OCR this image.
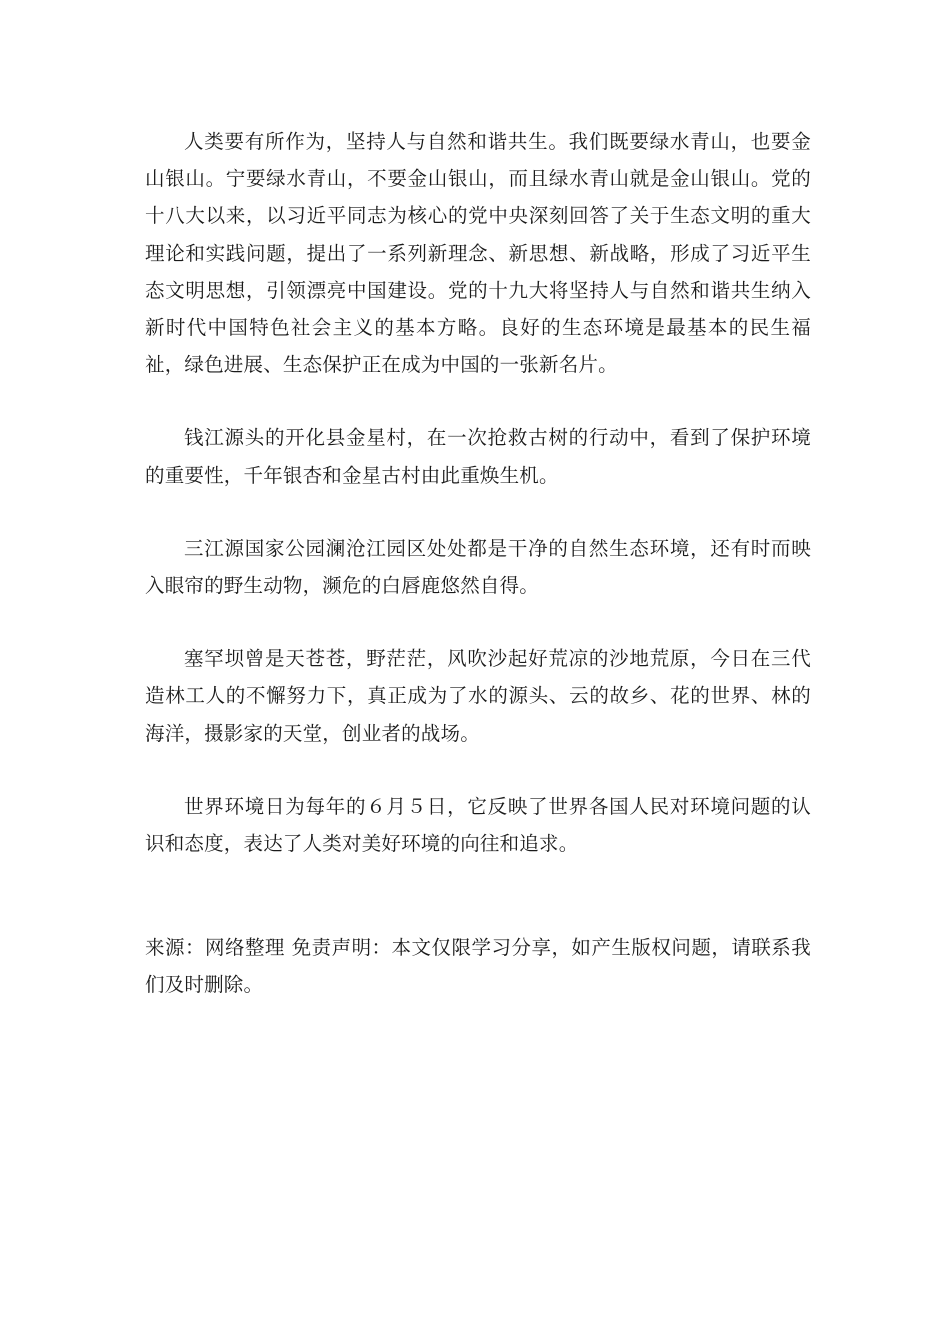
人类要有所作为，坚持人与自然和谐共生。我们既要绿水青山，也要金山银山。宁要绿水青山，不要金山银山，而且绿水青山就是金山银山。党的十八大以来，以习近平同志为核心的党中央深刻回答了关于生态文明的重大理论和实践问题，提出了一系列新理念、新思想、新战略，形成了习近平生态文明思想，引领漂亮中国建设。党的十九大将坚持人与自然和谐共生纳入新时代中国特色社会主义的基本方略。良好的生态环境是最基本的民生福祉，绿色进展、生态保护正在成为中国的一张新名片。

钱江源头的开化县金星村，在一次抢救古树的行动中，看到了保护环境的重要性，千年银杏和金星古村由此重焕生机。

三江源国家公园澜沧江园区处处都是干净的自然生态环境，还有时而映入眼帘的野生动物，濒危的白唇鹿悠然自得。

塞罕坝曾是天苍苍，野茫茫，风吹沙起好荒凉的沙地荒原，今日在三代造林工人的不懈努力下，真正成为了水的源头、云的故乡、花的世界、林的海洋，摄影家的天堂，创业者的战场。

世界环境日为每年的６月５日，它反映了世界各国人民对环境问题的认识和态度，表达了人类对美好环境的向往和追求。

来源：网络整理 免责声明：本文仅限学习分享，如产生版权问题，请联系我们及时删除。
